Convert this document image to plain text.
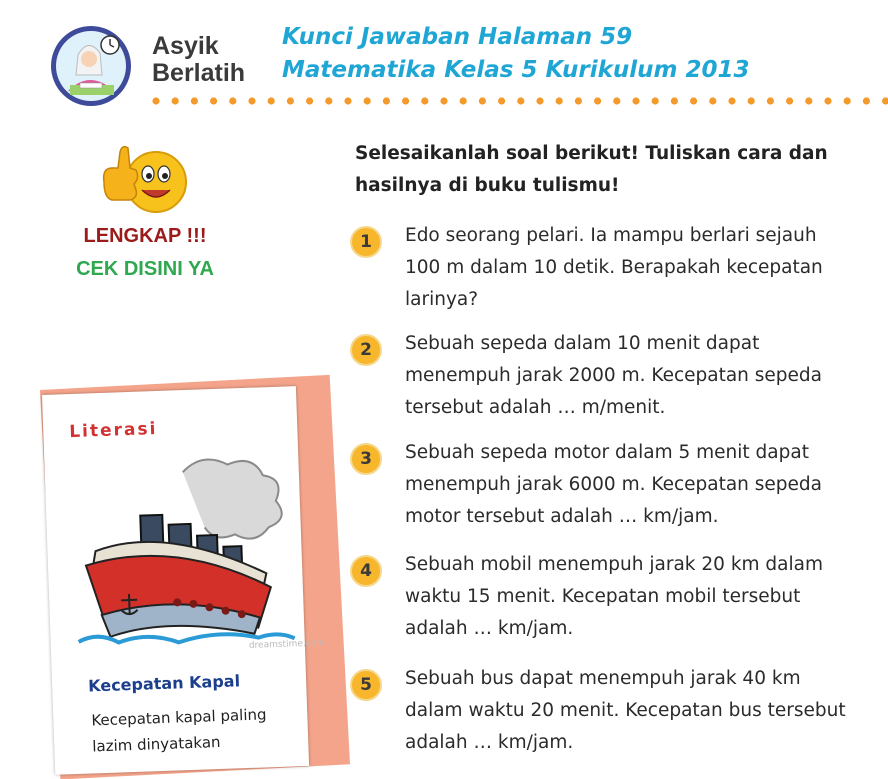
Asyik
Berlatih
Kunci Jawaban Halaman 59
Matematika Kelas 5 Kurikulum 2013
LENGKAP !!!
CEK DISINI YA
Literasi
dreamstime.com
Kecepatan Kapal
Kecepatan kapal paling lazim dinyatakan
Selesaikanlah soal berikut! Tuliskan cara dan hasilnya di buku tulismu!
1	Edo seorang pelari. Ia mampu berlari sejauh 100 m dalam 10 detik. Berapakah kecepatan larinya?
2	Sebuah sepeda dalam 10 menit dapat menempuh jarak 2000 m. Kecepatan sepeda tersebut adalah … m/menit.
3	Sebuah sepeda motor dalam 5 menit dapat menempuh jarak 6000 m. Kecepatan sepeda motor tersebut adalah … km/jam.
4	Sebuah mobil menempuh jarak 20 km dalam waktu 15 menit. Kecepatan mobil tersebut adalah … km/jam.
5	Sebuah bus dapat menempuh jarak 40 km dalam waktu 20 menit. Kecepatan bus tersebut adalah … km/jam.
